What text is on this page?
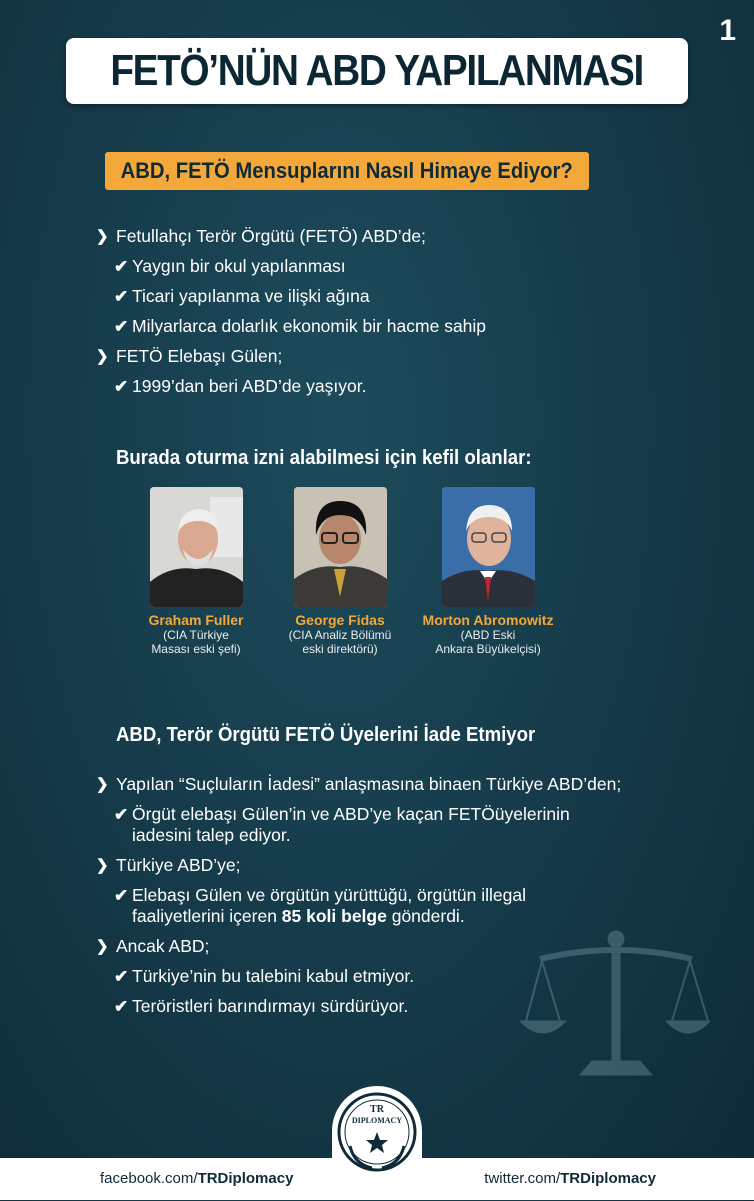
1
FETÖ’NÜN ABD YAPILANMASI
ABD, FETÖ Mensuplarını Nasıl Himaye Ediyor?
❯ Fetullahçı Terör Örgütü (FETÖ) ABD’de;
✔ Yaygın bir okul yapılanması
✔ Ticari yapılanma ve ilişki ağına
✔ Milyarlarca dolarlık ekonomik bir hacme sahip
❯ FETÖ Elebaşı Gülen;
✔ 1999’dan beri ABD’de yaşıyor.
Burada oturma izni alabilmesi için kefil olanlar:
Graham Fuller
(CIA Türkiye
Masası eski şefi)
George Fidas
(CIA Analiz Bölümü
eski direktörü)
Morton Abromowitz
(ABD Eski
Ankara Büyükelçisi)
ABD, Terör Örgütü FETÖ Üyelerini İade Etmiyor
❯ Yapılan “Suçluların İadesi” anlaşmasına binaen Türkiye ABD’den;
✔ Örgüt elebaşı Gülen’in ve ABD’ye kaçan FETÖüyelerinin iadesini talep ediyor.
❯ Türkiye ABD’ye;
✔ Elebaşı Gülen ve örgütün yürüttüğü, örgütün illegal faaliyetlerini içeren 85 koli belge gönderdi.
❯ Ancak ABD;
✔ Türkiye’nin bu talebini kabul etmiyor.
✔ Teröristleri barındırmayı sürdürüyor.
facebook.com/TRDiplomacy	twitter.com/TRDiplomacy
TR
DIPLOMACY
